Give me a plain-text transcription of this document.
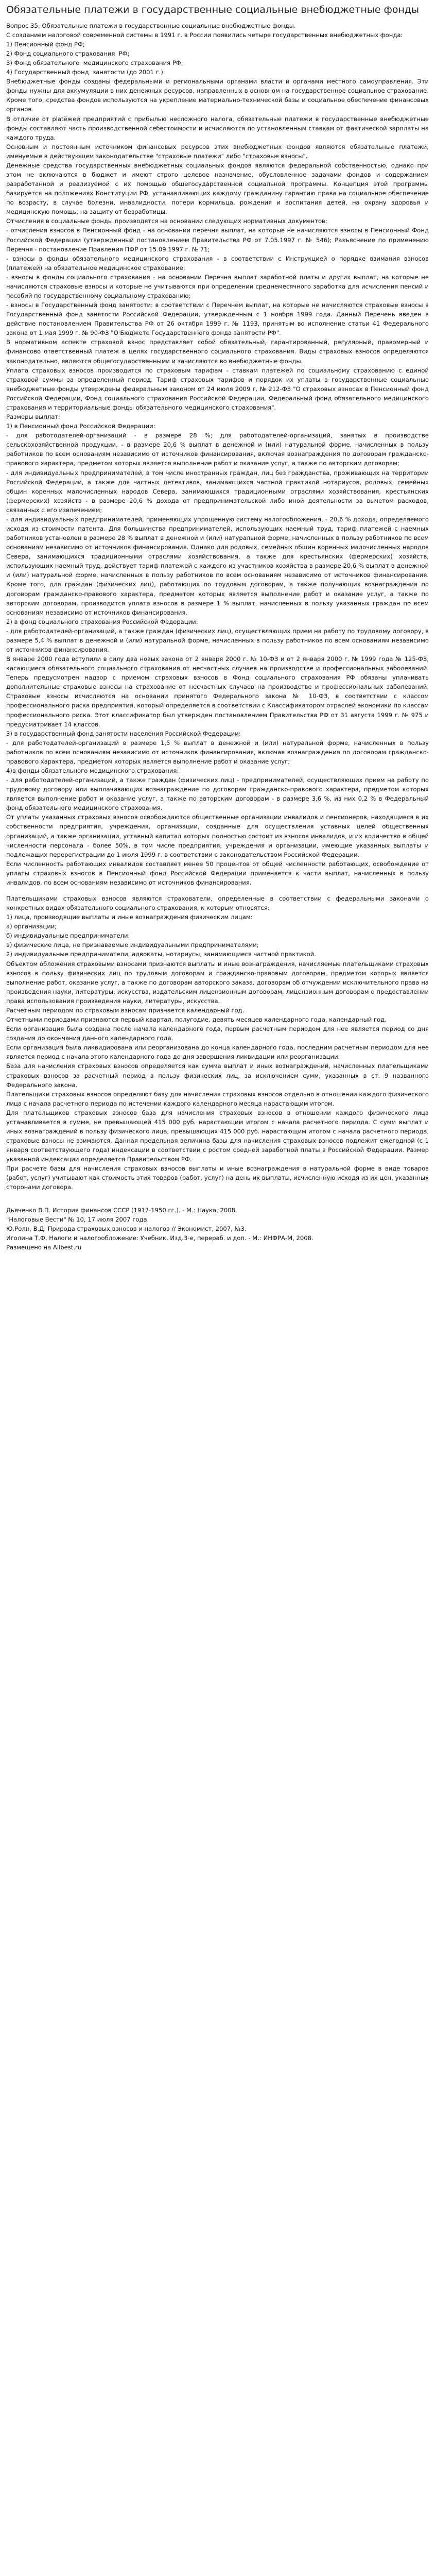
Обязательные платежи в государственные социальные внебюджетные фонды
Вопрос 35: Обязательные платежи в государственные социальные внебюджетные фонды.
С созданием налоговой современной системы в 1991 г. в России появились четыре государственных внебюджетных фонда:
1) Пенсионный фонд РФ;
2) Фонд социального страхования  РФ;
3) Фонд обязательного  медицинского страхования РФ;
4) Государственный фонд  занятости (до 2001 г.).
Внебюджетные фонды созданы федеральными и региональными органами власти и органами местного самоуправления. Эти фонды нужны для аккумуляции в них денежных ресурсов, направленных в основном на государственное социальное страхование. Кроме того, средства фондов используются на укрепление материально-технической базы и социальное обеспечение финансовых органов.
В отличие от platёжей предприятий с прибылью несложного налога, обязательные платежи в государственные внебюджетные фонды составляют часть производственной себестоимости и исчисляются по установленным ставкам от фактической зарплаты на каждого труда.
Основным и постоянным источником финансовых ресурсов этих внебюджетных фондов являются обязательные платежи, именуемые в действующем законодательстве "страховые платежи" либо "страховые взносы".
Денежные средства государственных внебюджетных социальных фондов являются федеральной собственностью, однако при этом не включаются в бюджет и имеют строго целевое назначение, обусловленное задачами фондов и содержанием разработанной и реализуемой с их помощью общегосударственной социальной программы. Концепция этой программы базируется на положениях Конституции РФ, устанавливающих каждому гражданину гарантию права на социальное обеспечение по возрасту, в случае болезни, инвалидности, потери кормильца, рождения и воспитания детей, на охрану здоровья и медицинскую помощь, на защиту от безработицы.
Отчисления в социальные фонды производятся на основании следующих нормативных документов:
- отчисления взносов в Пенсионный фонд - на основании перечня выплат, на которые не начисляются взносы в Пенсионный Фонд Российской Федерации (утвержденный постановлением Правительства РФ от 7.05.1997 г. № 546); Разъяснение по применению Перечня - постановление Правления ПФР от 15.09.1997 г. № 71;
- взносы в фонды обязательного медицинского страхования - в соответствии с Инструкцией о порядке взимания взносов (платежей) на обязательное медицинское страхование;
- взносы в фонды социального страхования - на основании Перечня выплат заработной платы и других выплат, на которые не начисляются страховые взносы и которые не учитываются при определении среднемесячного заработка для исчисления пенсий и пособий по государственному социальному страхованию;
- взносы в Государственный фонд занятости: в соответствии с Перечнем выплат, на которые не начисляются страховые взносы в Государственный фонд занятости Российской Федерации, утвержденным с 1 ноября 1999 года. Данный Перечень введен в действие постановлением Правительства РФ от 26 октября 1999 г. № 1193, принятым во исполнение статьи 41 Федерального закона от 1 мая 1999 г. № 90-ФЗ "О Бюджете Государственного фонда занятости РФ".
В нормативном аспекте страховой взнос представляет собой обязательный, гарантированный, регулярный, правомерный и финансово ответственный платеж в целях государственного социального страхования. Виды страховых взносов определяются законодательно, являются общегосударственными и зачисляются во внебюджетные фонды.
Уплата страховых взносов производится по страховым тарифам - ставкам платежей по социальному страхованию с единой страховой суммы за определенный период. Тариф страховых тарифов и порядок их уплаты в государственные социальные внебюджетные фонды утверждены федеральным законом от 24 июля 2009 г. № 212-ФЗ "О страховых взносах в Пенсионный фонд Российской Федерации, Фонд социального страхования Российской Федерации, Федеральный фонд обязательного медицинского страхования и территориальные фонды обязательного медицинского страхования".
Размеры выплат:
1) в Пенсионный фонд Российской Федерации:
- для работодателей-организаций - в размере 28 %; для работодателей-организаций, занятых в производстве сельскохозяйственной продукции, - в размере 20,6 % выплат в денежной и (или) натуральной форме, начисленных в пользу работников по всем основаниям независимо от источников финансирования, включая вознаграждения по договорам гражданско-правового характера, предметом которых является выполнение работ и оказание услуг, а также по авторским договорам;
- для индивидуальных предпринимателей, в том числе иностранных граждан, лиц без гражданства, проживающих на территории Российской Федерации, а также для частных детективов, занимающихся частной практикой нотариусов, родовых, семейных общин коренных малочисленных народов Севера, занимающихся традиционными отраслями хозяйствования, крестьянских (фермерских) хозяйств - в размере 20,6 % дохода от предпринимательской либо иной деятельности за вычетом расходов, связанных с его извлечением;
- для индивидуальных предпринимателей, применяющих упрощенную систему налогообложения, - 20,6 % дохода, определяемого исходя из стоимости патента. Для большинства предпринимателей, использующих наемный труд, тариф платежей с наемных работников установлен в размере 28 % выплат в денежной и (или) натуральной форме, начисленных в пользу работников по всем основаниям независимо от источников финансирования. Однако для родовых, семейных общин коренных малочисленных народов Севера, занимающихся традиционными отраслями хозяйствования, а также для крестьянских (фермерских) хозяйств, использующих наемный труд, действует тариф платежей с каждого из участников хозяйства в размере 20,6 % выплат в денежной и (или) натуральной форме, начисленных в пользу работников по всем основаниям независимо от источников финансирования. Кроме того, для граждан (физических лиц), работающих по трудовым договорам, а также получающих вознаграждения по договорам гражданско-правового характера, предметом которых является выполнение работ и оказание услуг, а также по авторским договорам, производится уплата взносов в размере 1 % выплат, начисленных в пользу указанных граждан по всем основаниям независимо от источников финансирования.
2) в фонд социального страхования Российской Федерации:
- для работодателей-организаций, а также граждан (физических лиц), осуществляющих прием на работу по трудовому договору, в размере 5,4 % выплат в денежной и (или) натуральной форме, начисленных в пользу работников по всем основаниям независимо от источников финансирования.
В январе 2000 года вступили в силу два новых закона от 2 января 2000 г. № 10-ФЗ и от 2 января 2000 г. № 1999 года № 125-ФЗ, касающиеся обязательного социального страхования от несчастных случаев на производстве и профессиональных заболеваний. Теперь предусмотрен надзор с приемом страховых взносов в Фонд социального страхования РФ обязаны уплачивать дополнительные страховые взносы на страхование от несчастных случаев на производстве и профессиональных заболеваний. Страховые взносы исчисляются на основании принятого Федерального закона № 10-ФЗ, в соответствии с классом профессионального риска предприятия, который определяется в соответствии с Классификатором отраслей экономики по классам профессионального риска. Этот классификатор был утвержден постановлением Правительства РФ от 31 августа 1999 г. № 975 и предусматривает 14 классов.
3) в государственный фонд занятости населения Российской Федерации:
- для работодателей-организаций в размере 1,5 % выплат в денежной и (или) натуральной форме, начисленных в пользу работников по всем основаниям независимо от источников финансирования, включая вознаграждения по договорам гражданско-правового характера, предметом которых является выполнение работ и оказание услуг;
4)в фонды обязательного медицинского страхования:
- для работодателей-организаций, а также граждан (физических лиц) - предпринимателей, осуществляющих прием на работу по трудовому договору или выплачивающих вознаграждение по договорам гражданско-правового характера, предметом которых является выполнение работ и оказание услуг, а также по авторским договорам - в размере 3,6 %, из них 0,2 % в Федеральный фонд обязательного медицинского страхования.
От уплаты указанных страховых взносов освобождаются общественные организации инвалидов и пенсионеров, находящиеся в их собственности предприятия, учреждения, организации, созданные для осуществления уставных целей общественных организаций, а также организации, уставный капитал которых полностью состоит из взносов инвалидов, и их количество в общей численности персонала - более 50%, в том числе предприятия, учреждения и организации, имеющие указанных выплаты и подлежащих перерегистрации до 1 июля 1999 г. в соответствии с законодательством Российской Федерации.
Если численность работающих инвалидов составляет менее 50 процентов от общей численности работающих, освобождение от уплаты страховых взносов в Пенсионный фонд Российской Федерации применяется к части выплат, начисленных в пользу инвалидов, по всем основаниям независимо от источников финансирования.
Плательщиками страховых взносов являются страхователи, определенные в соответствии с федеральными законами о конкретных видах обязательного социального страхования, к которым относятся:
1) лица, производящие выплаты и иные вознаграждения физическим лицам:
а) организации;
б) индивидуальные предприниматели;
в) физические лица, не признаваемые индивидуальными предпринимателями;
2) индивидуальные предприниматели, адвокаты, нотариусы, занимающиеся частной практикой.
Объектом обложения страховыми взносами признаются выплаты и иные вознаграждения, начисляемые плательщиками страховых взносов в пользу физических лиц по трудовым договорам и гражданско-правовым договорам, предметом которых является выполнение работ, оказание услуг, а также по договорам авторского заказа, договорам об отчуждении исключительного права на произведения науки, литературы, искусства, издательским лицензионным договорам, лицензионным договорам о предоставлении права использования произведения науки, литературы, искусства.
Расчетным периодом по страховым взносам признается календарный год.
Отчетными периодами признаются первый квартал, полугодие, девять месяцев календарного года, календарный год.
Если организация была создана после начала календарного года, первым расчетным периодом для нее является период со дня создания до окончания данного календарного года.
Если организация была ликвидирована или реорганизована до конца календарного года, последним расчетным периодом для нее является период с начала этого календарного года до дня завершения ликвидации или реорганизации.
База для начисления страховых взносов определяется как сумма выплат и иных вознаграждений, начисленных плательщиками страховых взносов за расчетный период в пользу физических лиц, за исключением сумм, указанных в ст. 9 названного Федерального закона.
Плательщики страховых взносов определяют базу для начисления страховых взносов отдельно в отношении каждого физического лица с начала расчетного периода по истечении каждого календарного месяца нарастающим итогом.
Для плательщиков страховых взносов база для начисления страховых взносов в отношении каждого физического лица устанавливается в сумме, не превышающей 415 000 руб. нарастающим итогом с начала расчетного периода. С сумм выплат и иных вознаграждений в пользу физического лица, превышающих 415 000 руб. нарастающим итогом с начала расчетного периода, страховые взносы не взимаются. Данная предельная величина базы для начисления страховых взносов подлежит ежегодной (с 1 января соответствующего года) индексации в соответствии с ростом средней заработной платы в Российской Федерации. Размер указанной индексации определяется Правительством РФ.
При расчете базы для начисления страховых взносов выплаты и иные вознаграждения в натуральной форме в виде товаров (работ, услуг) учитывают как стоимость этих товаров (работ, услуг) на день их выплаты, исчисленную исходя из их цен, указанных сторонами договора.
Дьяченко В.П. История финансов СССР (1917-1950 гг.). - М.: Наука, 2008.
"Налоговые Вести" № 10, 17 июля 2007 года.
Ю.Ролн, В.Д. Природа страховых взносов и налогов // Экономист, 2007, №3.
Иголина Т.Ф. Налоги и налогообложение: Учебник. Изд.3-е, перераб. и доп. - М.: ИНФРА-М, 2008.
Размещено на Allbest.ru
